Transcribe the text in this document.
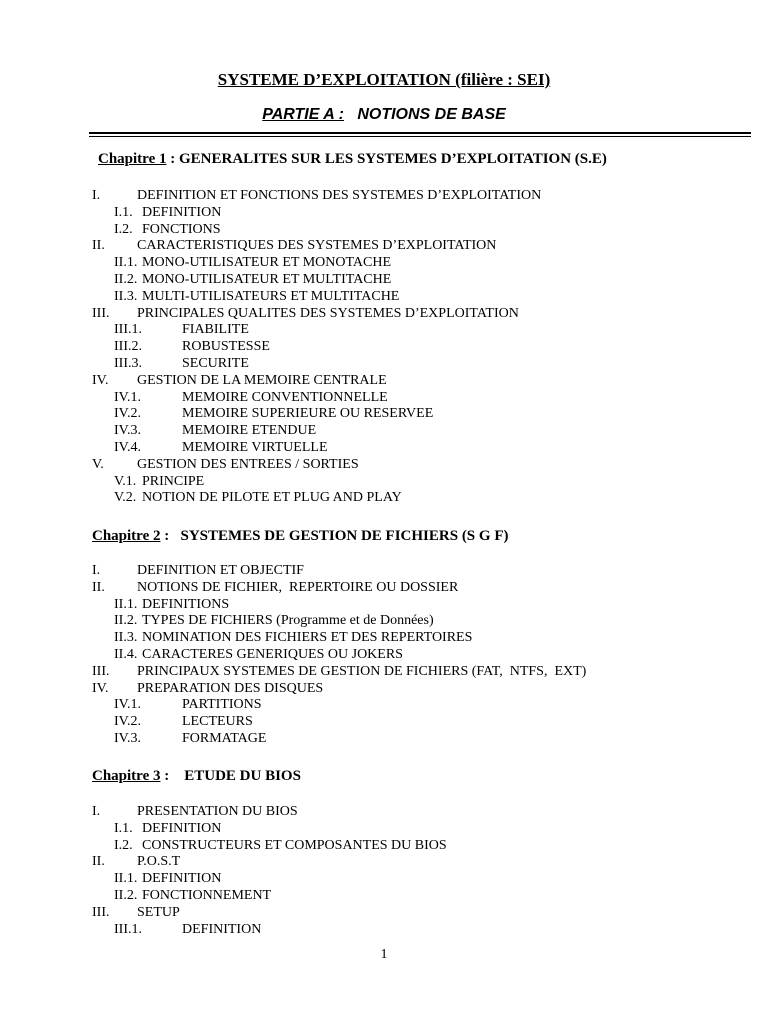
SYSTEME D’EXPLOITATION (filière : SEI)
PARTIE A : NOTIONS DE BASE
Chapitre 1 : GENERALITES SUR LES SYSTEMES D’EXPLOITATION (S.E)
I.	DEFINITION ET FONCTIONS DES SYSTEMES D’EXPLOITATION
I.1. DEFINITION
I.2. FONCTIONS
II. CARACTERISTIQUES DES SYSTEMES D’EXPLOITATION
II.1. MONO-UTILISATEUR ET MONOTACHE
II.2. MONO-UTILISATEUR ET MULTITACHE
II.3. MULTI-UTILISATEURS ET MULTITACHE
III. PRINCIPALES QUALITES DES SYSTEMES D’EXPLOITATION
III.1.	FIABILITE
III.2.	ROBUSTESSE
III.3.	SECURITE
IV. GESTION DE LA MEMOIRE CENTRALE
IV.1.	MEMOIRE CONVENTIONNELLE
IV.2.	MEMOIRE SUPERIEURE OU RESERVEE
IV.3.	MEMOIRE ETENDUE
IV.4.	MEMOIRE VIRTUELLE
V. GESTION DES ENTREES / SORTIES
V.1. PRINCIPE
V.2. NOTION DE PILOTE ET PLUG AND PLAY
Chapitre 2 :   SYSTEMES DE GESTION DE FICHIERS (S G F)
I.	DEFINITION ET OBJECTIF
II. NOTIONS DE FICHIER,  REPERTOIRE OU DOSSIER
II.1. DEFINITIONS
II.2. TYPES DE FICHIERS (Programme et de Données)
II.3. NOMINATION DES FICHIERS ET DES REPERTOIRES
II.4. CARACTERES GENERIQUES OU JOKERS
III. PRINCIPAUX SYSTEMES DE GESTION DE FICHIERS (FAT,  NTFS,  EXT)
IV. PREPARATION DES DISQUES
IV.1.	PARTITIONS
IV.2.	LECTEURS
IV.3.	FORMATAGE
Chapitre 3 :    ETUDE DU BIOS
I.	PRESENTATION DU BIOS
I.1. DEFINITION
I.2. CONSTRUCTEURS ET COMPOSANTES DU BIOS
II. P.O.S.T
II.1. DEFINITION
II.2. FONCTIONNEMENT
III. SETUP
III.1.	DEFINITION
1
